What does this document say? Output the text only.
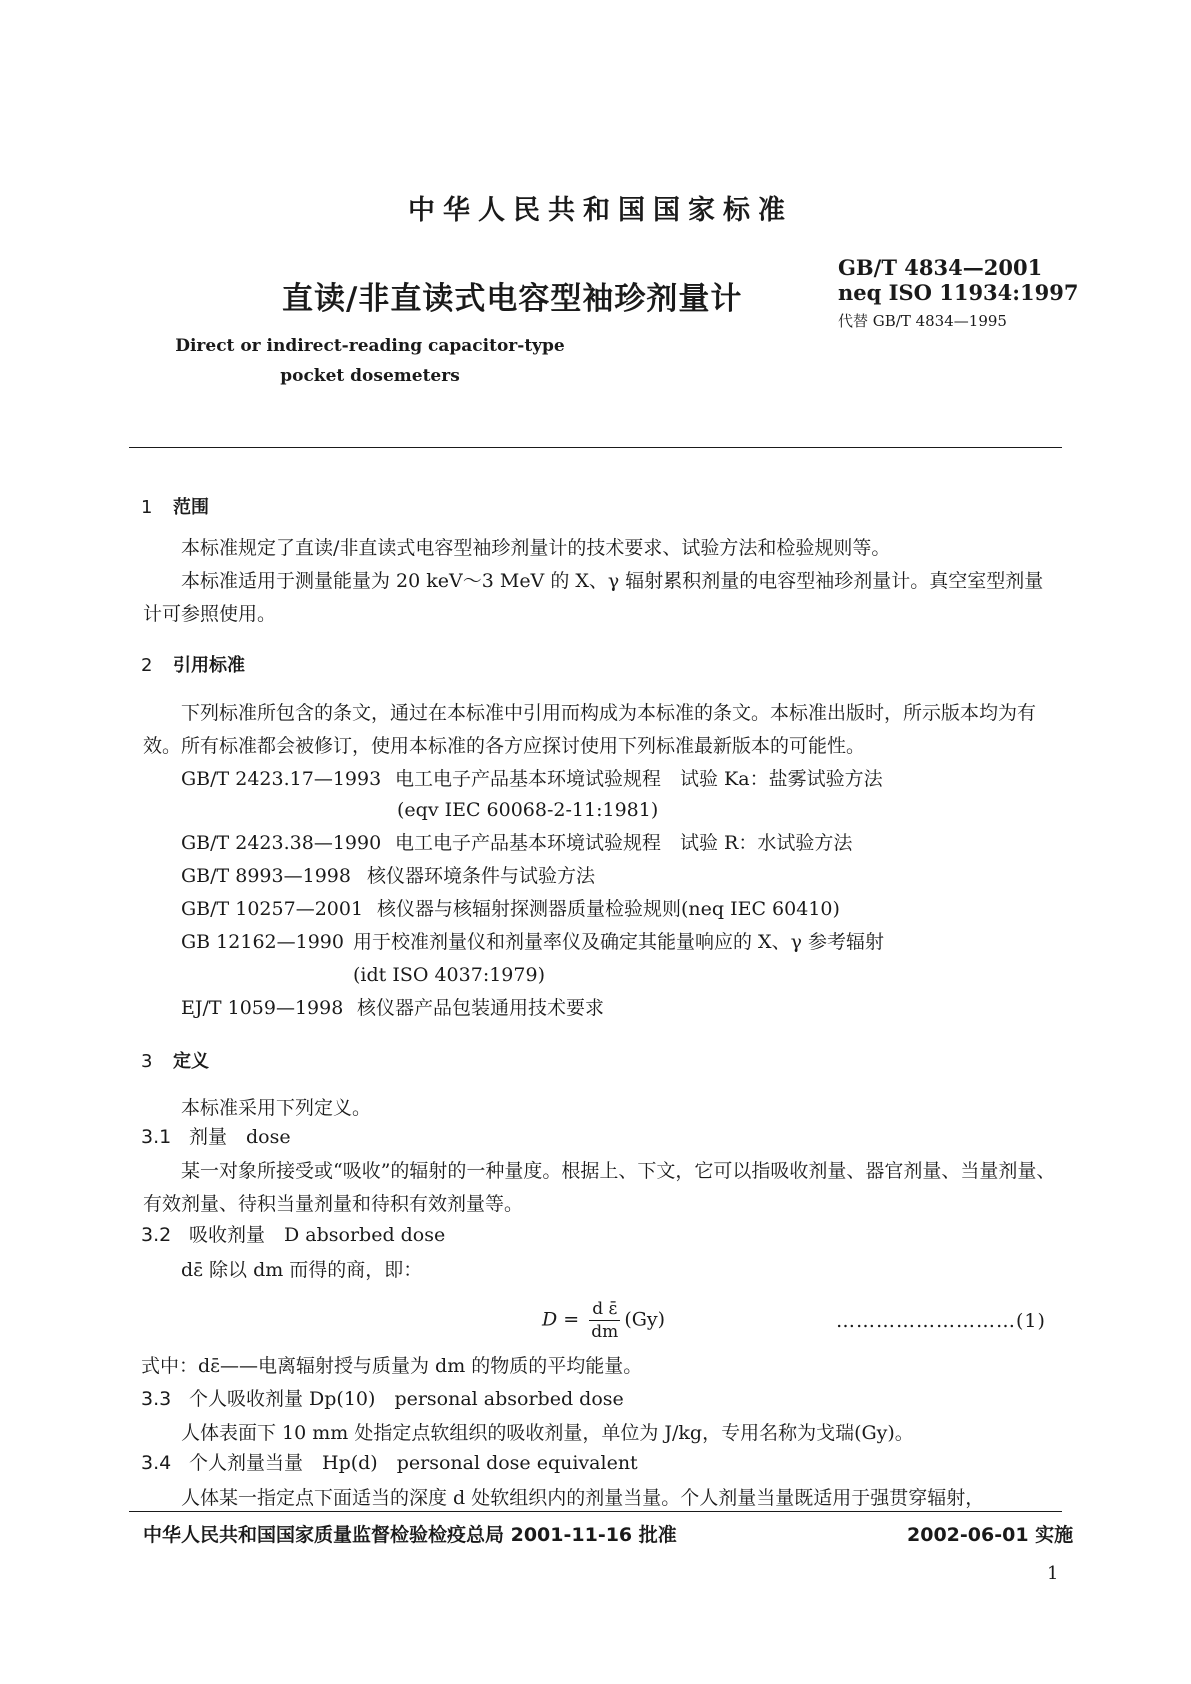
中华人民共和国国家标准
直读/非直读式电容型袖珍剂量计
Direct or indirect-reading capacitor-type
pocket dosemeters
GB/T 4834—2001
neq ISO 11934:1997
代替 GB/T 4834—1995
1 范围
本标准规定了直读/非直读式电容型袖珍剂量计的技术要求、试验方法和检验规则等。
本标准适用于测量能量为 20 keV～3 MeV 的 X、γ 辐射累积剂量的电容型袖珍剂量计。真空室型剂量计可参照使用。
2 引用标准
下列标准所包含的条文，通过在本标准中引用而构成为本标准的条文。本标准出版时，所示版本均为有效。所有标准都会被修订，使用本标准的各方应探讨使用下列标准最新版本的可能性。
GB/T 2423.17—1993 电工电子产品基本环境试验规程　试验 Ka：盐雾试验方法
(eqv IEC 60068-2-11:1981)
GB/T 2423.38—1990 电工电子产品基本环境试验规程　试验 R：水试验方法
GB/T 8993—1998 核仪器环境条件与试验方法
GB/T 10257—2001 核仪器与核辐射探测器质量检验规则(neq IEC 60410)
GB 12162—1990 用于校准剂量仪和剂量率仪及确定其能量响应的 X、γ 参考辐射
(idt ISO 4037:1979)
EJ/T 1059—1998 核仪器产品包装通用技术要求
3 定义
本标准采用下列定义。
3.1 剂量　dose
某一对象所接受或“吸收”的辐射的一种量度。根据上、下文，它可以指吸收剂量、器官剂量、当量剂量、有效剂量、待积当量剂量和待积有效剂量等。
3.2 吸收剂量　D absorbed dose
dε̄ 除以 dm 而得的商，即：
$D = \frac{\text{d ε̄}}{dm} (Gy)$	………………………(1)
式中：dε̄——电离辐射授与质量为 dm 的物质的平均能量。
3.3 个人吸收剂量 Dp(10)　personal absorbed dose
人体表面下 10 mm 处指定点软组织的吸收剂量，单位为 J/kg，专用名称为戈瑞(Gy)。
3.4 个人剂量当量　Hp(d)　personal dose equivalent
人体某一指定点下面适当的深度 d 处软组织内的剂量当量。个人剂量当量既适用于强贯穿辐射，
中华人民共和国国家质量监督检验检疫总局 2001-11-16 批准	2002-06-01 实施
1
